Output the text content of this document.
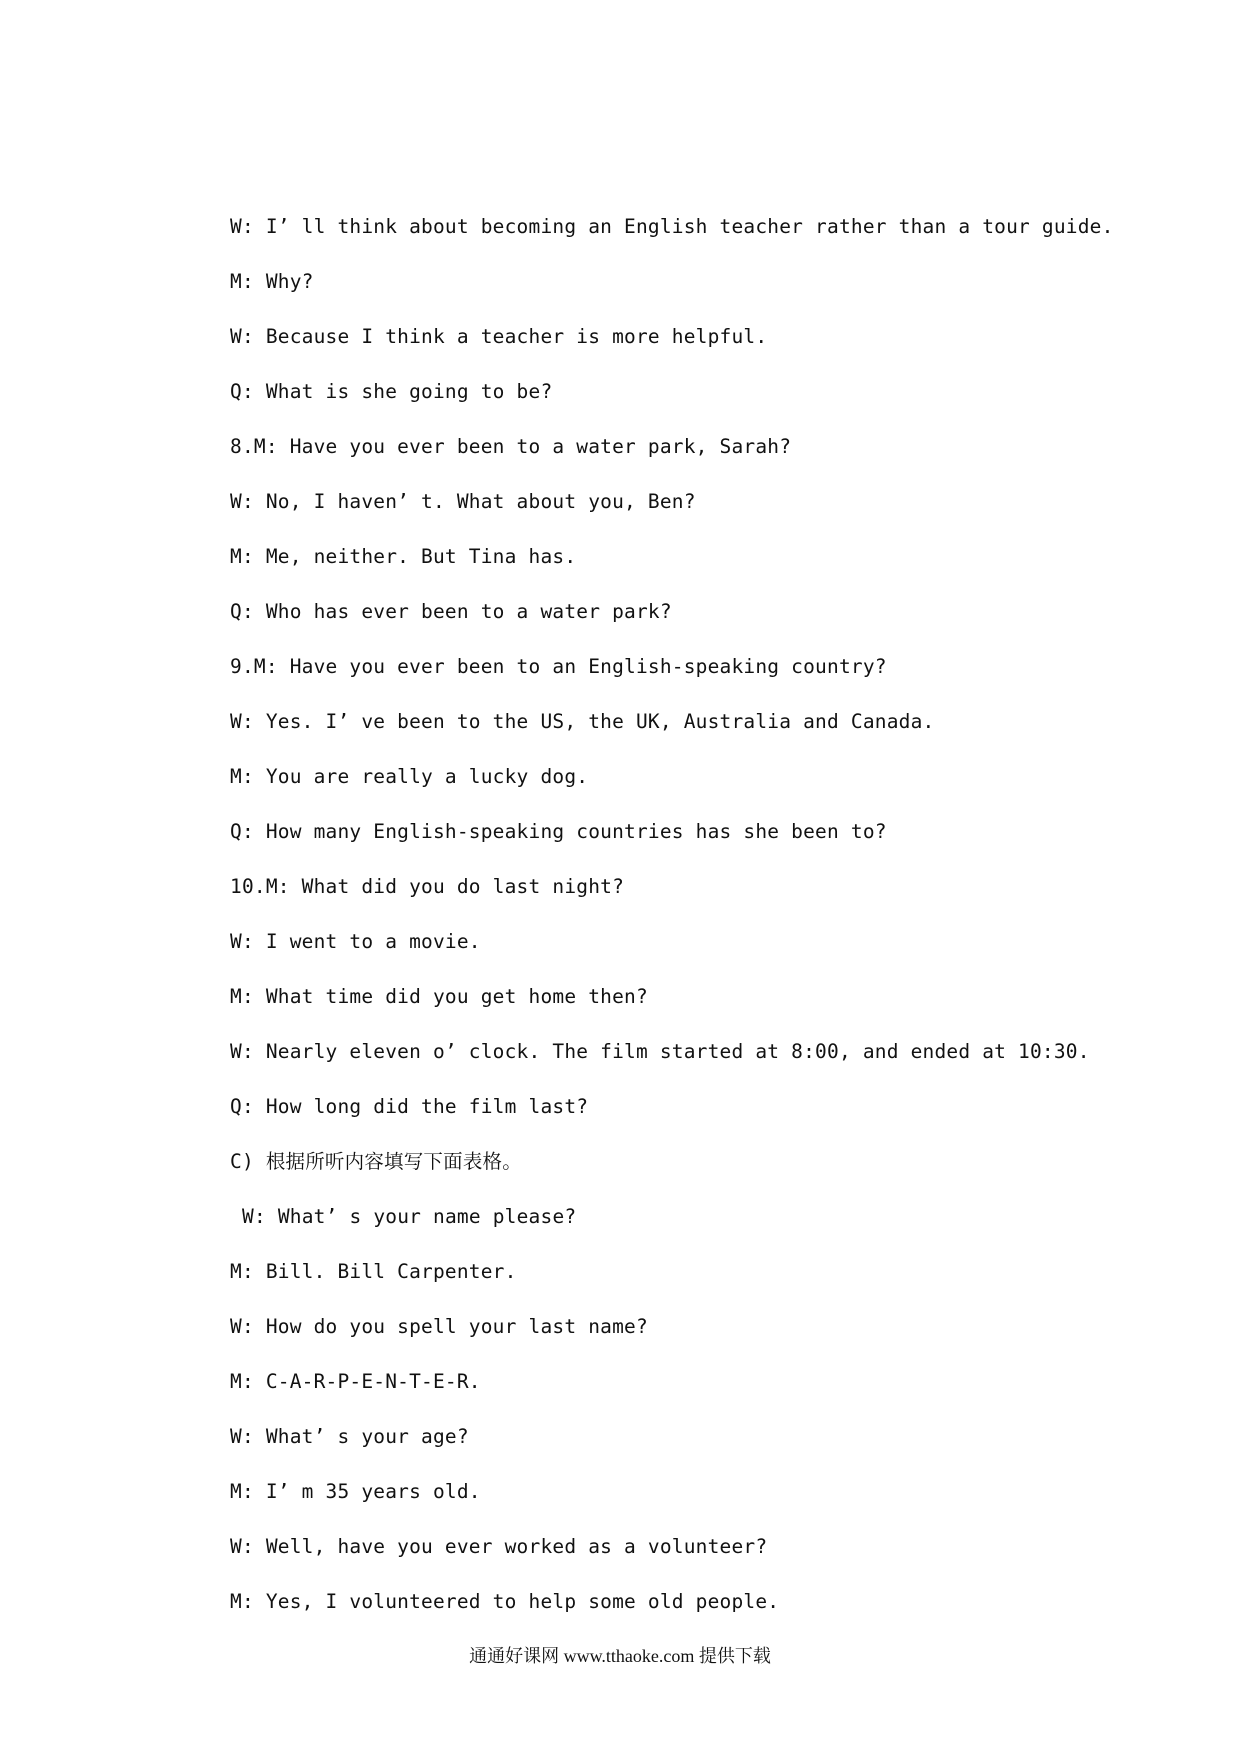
W: I’ ll think about becoming an English teacher rather than a tour guide.
M: Why?
W: Because I think a teacher is more helpful.
Q: What is she going to be?
8.M: Have you ever been to a water park, Sarah?
W: No, I haven’ t. What about you, Ben?
M: Me, neither. But Tina has.
Q: Who has ever been to a water park?
9.M: Have you ever been to an English-speaking country?
W: Yes. I’ ve been to the US, the UK, Australia and Canada.
M: You are really a lucky dog.
Q: How many English-speaking countries has she been to?
10.M: What did you do last night?
W: I went to a movie.
M: What time did you get home then?
W: Nearly eleven o’ clock. The film started at 8:00, and ended at 10:30.
Q: How long did the film last?
C) 根据所听内容填写下面表格。
W: What’ s your name please?
M: Bill. Bill Carpenter.
W: How do you spell your last name?
M: C-A-R-P-E-N-T-E-R.
W: What’ s your age?
M: I’ m 35 years old.
W: Well, have you ever worked as a volunteer?
M: Yes, I volunteered to help some old people.
通通好课网 www.tthaoke.com 提供下载
